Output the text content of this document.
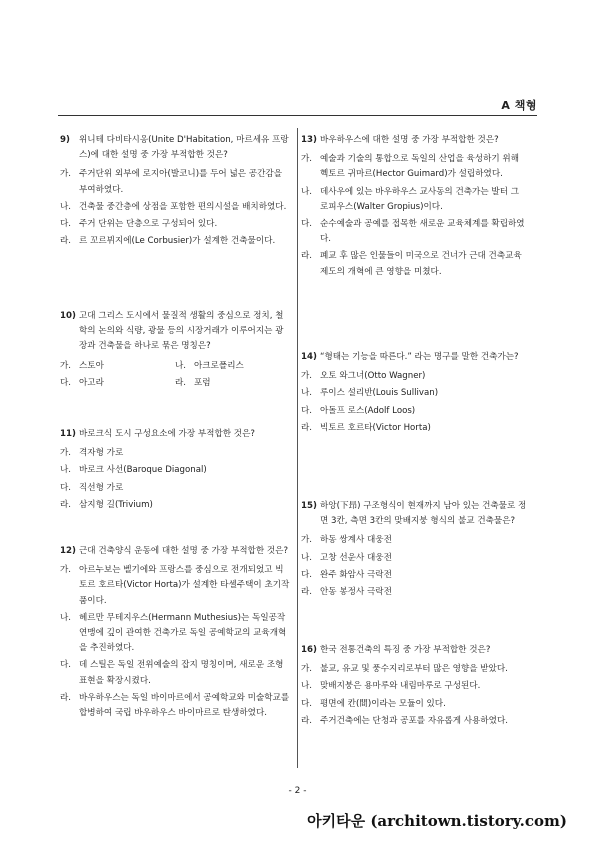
A 책형
9)	위니테 다비타시옹(Unite D'Habitation, 마르세유 프랑스)에 대한 설명 중 가장 부적합한 것은?
가. 주거단위 외부에 로지아(발코니)를 두어 넓은 공간감을 부여하였다.
나. 건축물 중간층에 상점을 포함한 편의시설을 배치하였다.
다. 주거 단위는 단층으로 구성되어 있다.
라. 르 꼬르뷔지에(Le Corbusier)가 설계한 건축물이다.
10) 고대 그리스 도시에서 물질적 생활의 중심으로 정치, 철학의 논의와 식량, 광물 등의 시장거래가 이루어지는 광장과 건축물을 하나로 묶은 명칭은?
가. 스토아	나. 아크로폴리스
다. 아고라	라. 포럼
11) 바로크식 도시 구성요소에 가장 부적합한 것은?
가. 격자형 가로
나. 바로크 사선(Baroque Diagonal)
다. 직선형 가로
라. 삼지형 길(Trivium)
12) 근대 건축양식 운동에 대한 설명 중 가장 부적합한 것은?
가. 아르누보는 벨기에와 프랑스를 중심으로 전개되었고 빅토르 호르타(Victor Horta)가 설계한 타셀주택이 초기작품이다.
나. 헤르만 무테지우스(Hermann Muthesius)는 독일공작연맹에 깊이 관여한 건축가로 독일 공예학교의 교육개혁을 추진하였다.
다. 데 스틸은 독일 전위예술의 잡지 명칭이며, 새로운 조형표현을 확장시켰다.
라. 바우하우스는 독일 바이마르에서 공예학교와 미술학교를 합병하여 국립 바우하우스 바이마르로 탄생하였다.
13) 바우하우스에 대한 설명 중 가장 부적합한 것은?
가. 예술과 기술의 통합으로 독일의 산업을 육성하기 위해 헥토르 귀마르(Hector Guimard)가 설립하였다.
나. 데사우에 있는 바우하우스 교사동의 건축가는 발터 그로피우스(Walter Gropius)이다.
다. 순수예술과 공예를 접목한 새로운 교육체계를 확립하였다.
라. 폐교 후 많은 인물들이 미국으로 건너가 근대 건축교육제도의 개혁에 큰 영향을 미쳤다.
14) “형태는 기능을 따른다.” 라는 명구를 말한 건축가는?
가. 오토 와그너(Otto Wagner)
나. 루이스 설리반(Louis Sullivan)
다. 아돌프 로스(Adolf Loos)
라. 빅토르 호르타(Victor Horta)
15) 하앙(下昻) 구조형식이 현재까지 남아 있는 건축물로 정면 3칸, 측면 3칸의 맞배지붕 형식의 불교 건축물은?
가. 하동 쌍계사 대웅전
나. 고창 선운사 대웅전
다. 완주 화암사 극락전
라. 안동 봉정사 극락전
16) 한국 전통건축의 특징 중 가장 부적합한 것은?
가. 불교, 유교 및 풍수지리로부터 많은 영향을 받았다.
나. 맞배지붕은 용마루와 내림마루로 구성된다.
다. 평면에 칸(間)이라는 모듈이 있다.
라. 주거건축에는 단청과 공포를 자유롭게 사용하였다.
- 2 -
아키타운 (architown.tistory.com)
